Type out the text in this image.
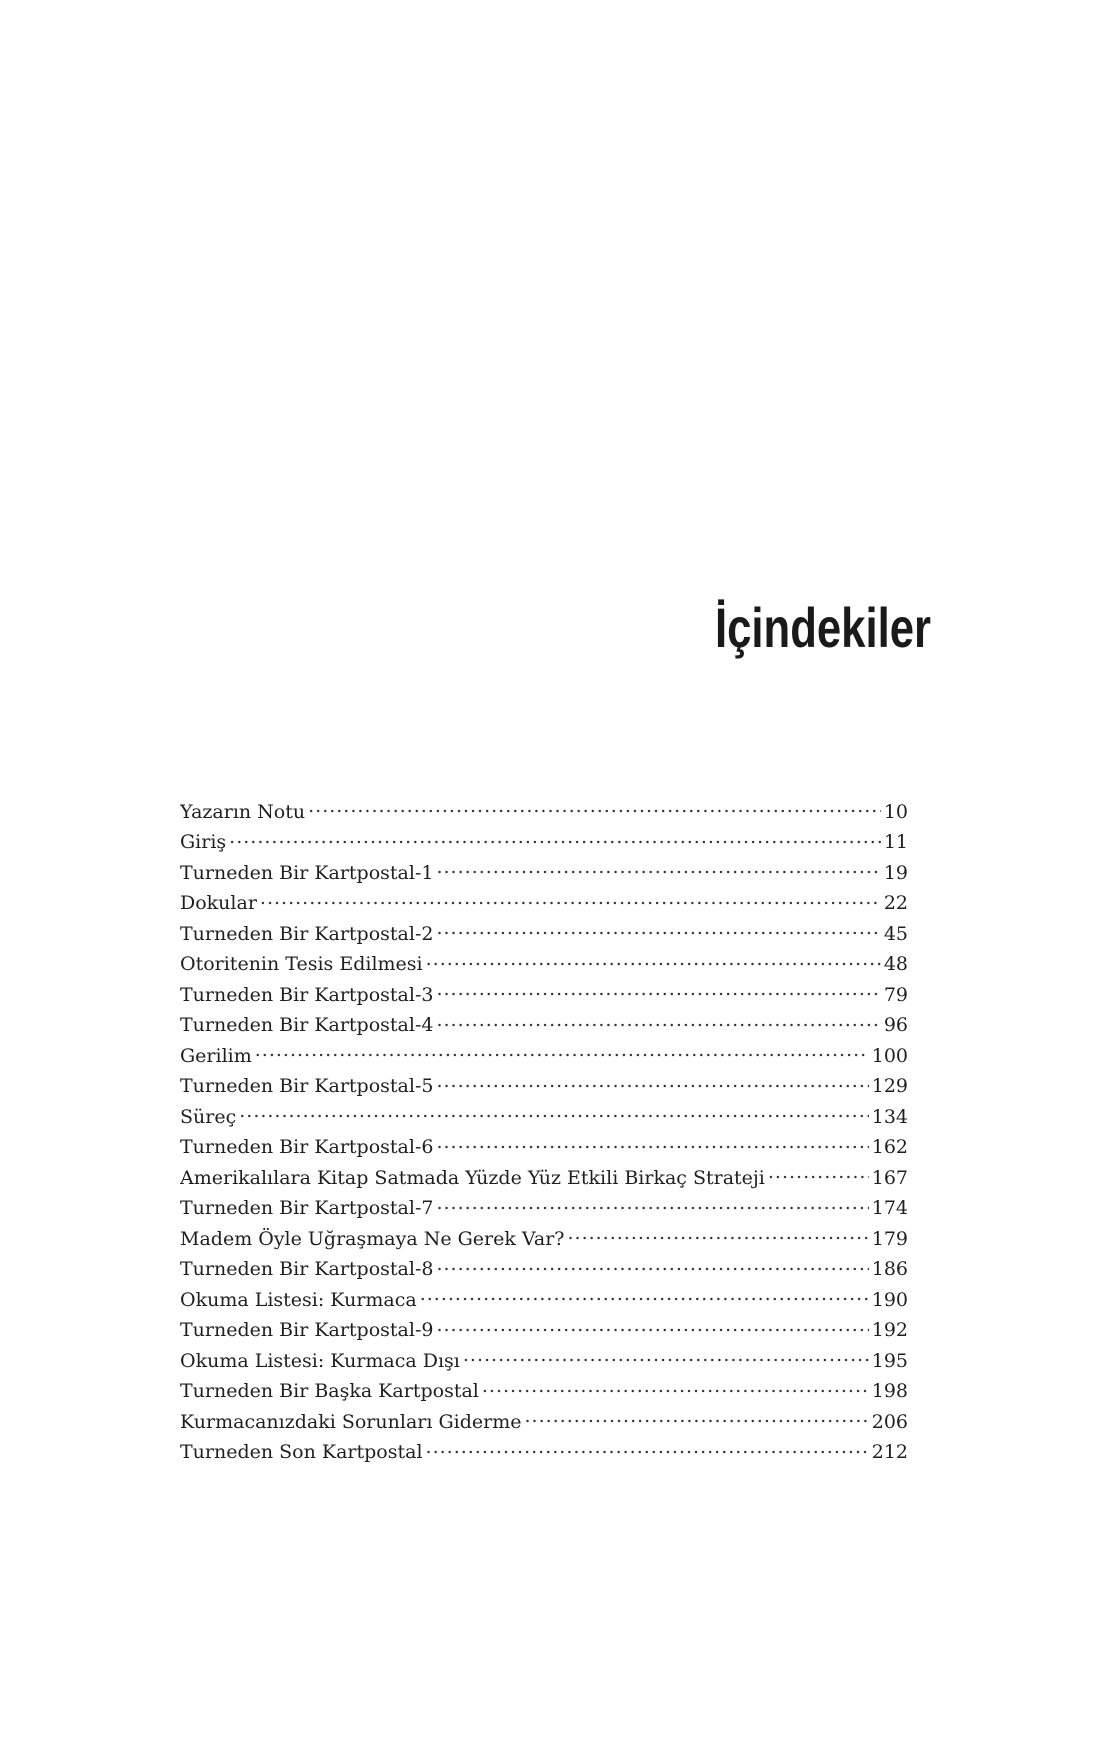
İçindekiler
Yazarın Notu .....	10
Giriş .....	11
Turneden Bir Kartpostal-1 .....	19
Dokular .....	22
Turneden Bir Kartpostal-2 .....	45
Otoritenin Tesis Edilmesi .....	48
Turneden Bir Kartpostal-3 .....	79
Turneden Bir Kartpostal-4 .....	96
Gerilim .....	100
Turneden Bir Kartpostal-5 .....	129
Süreç .....	134
Turneden Bir Kartpostal-6 .....	162
Amerikalılara Kitap Satmada Yüzde Yüz Etkili Birkaç Strateji .....	167
Turneden Bir Kartpostal-7 .....	174
Madem Öyle Uğraşmaya Ne Gerek Var? .....	179
Turneden Bir Kartpostal-8 .....	186
Okuma Listesi: Kurmaca .....	190
Turneden Bir Kartpostal-9 .....	192
Okuma Listesi: Kurmaca Dışı .....	195
Turneden Bir Başka Kartpostal .....	198
Kurmacanızdaki Sorunları Giderme .....	206
Turneden Son Kartpostal .....	212
